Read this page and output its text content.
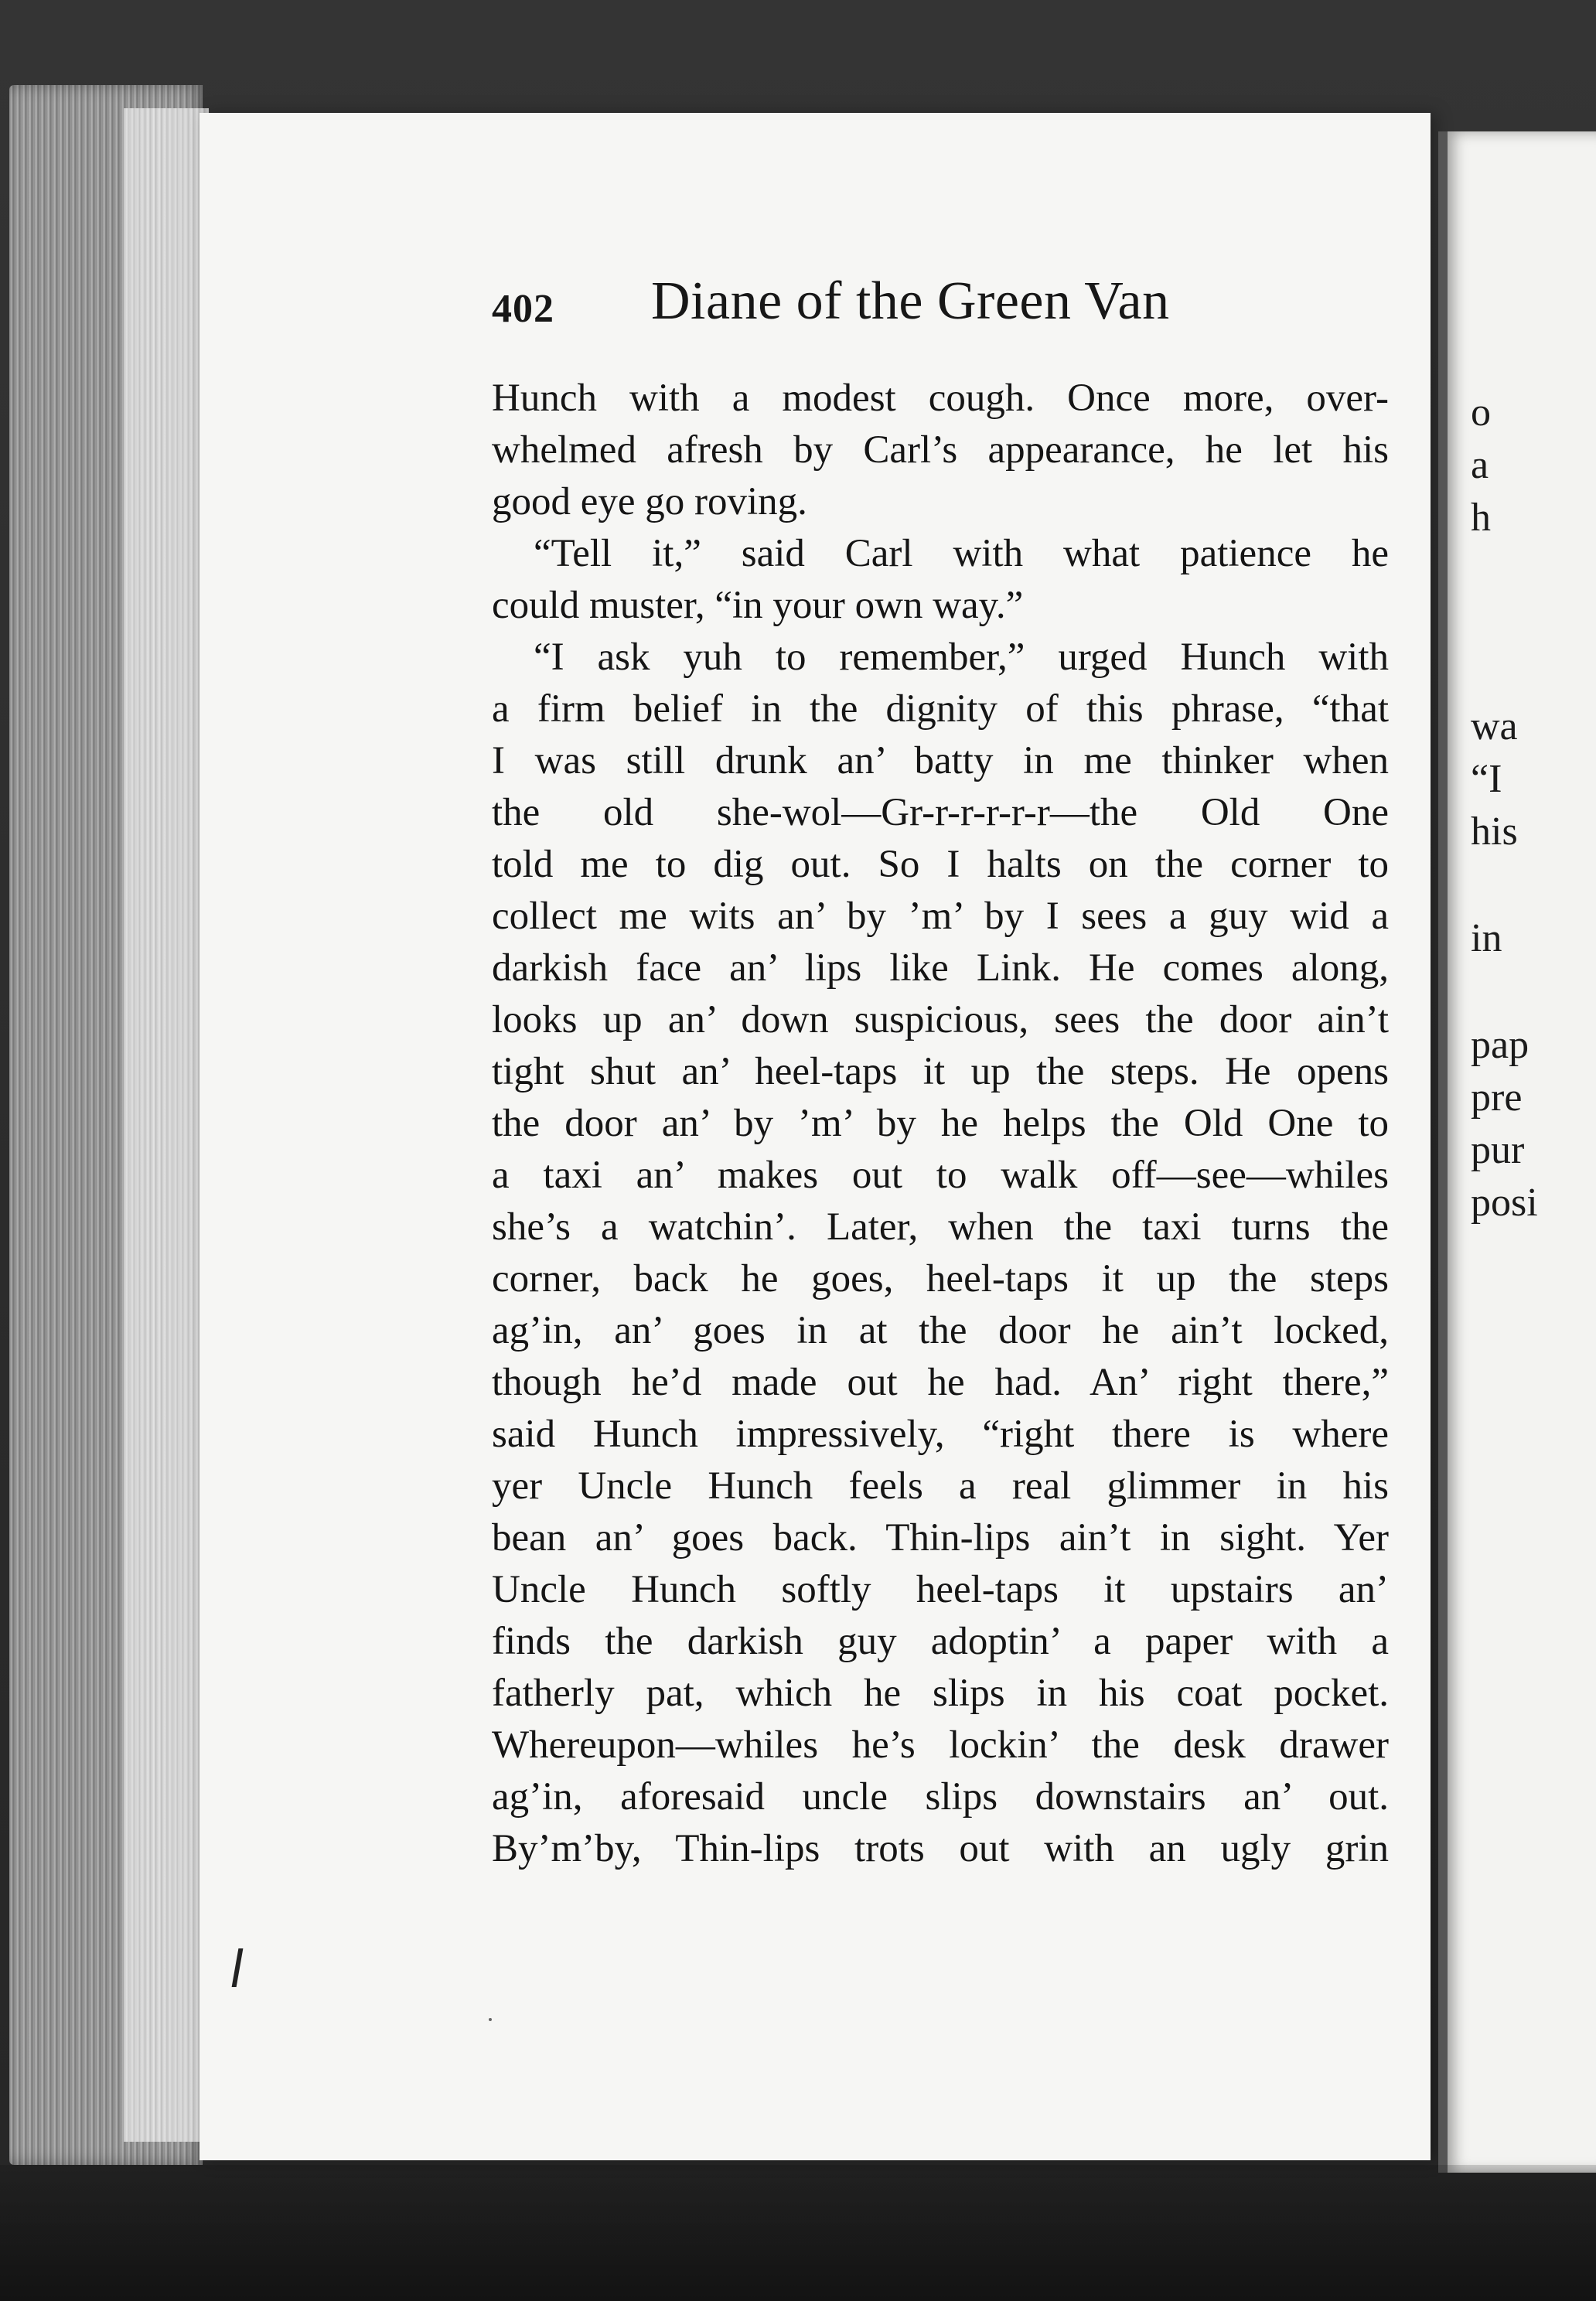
402 Diane of the Green Van
Hunch with a modest cough. Once more, over-
whelmed afresh by Carl’s appearance, he let his
good eye go roving.
“Tell it,” said Carl with what patience he
could muster, “in your own way.”
“I ask yuh to remember,” urged Hunch with
a firm belief in the dignity of this phrase, “that
I was still drunk an’ batty in me thinker when
the old she-wol—Gr-r-r-r-r-r—the Old One
told me to dig out. So I halts on the corner to
collect me wits an’ by ’m’ by I sees a guy wid a
darkish face an’ lips like Link. He comes along,
looks up an’ down suspicious, sees the door ain’t
tight shut an’ heel-taps it up the steps. He opens
the door an’ by ’m’ by he helps the Old One to
a taxi an’ makes out to walk off—see—whiles
she’s a watchin’. Later, when the taxi turns the
corner, back he goes, heel-taps it up the steps
ag’in, an’ goes in at the door he ain’t locked,
though he’d made out he had. An’ right there,”
said Hunch impressively, “right there is where
yer Uncle Hunch feels a real glimmer in his
bean an’ goes back. Thin-lips ain’t in sight. Yer
Uncle Hunch softly heel-taps it upstairs an’
finds the darkish guy adoptin’ a paper with a
fatherly pat, which he slips in his coat pocket.
Whereupon—whiles he’s lockin’ the desk drawer
ag’in, aforesaid uncle slips downstairs an’ out.
By’m’by, Thin-lips trots out with an ugly grin
o
a
h
wa
“I
his
in
pap
pre
pur
posi
